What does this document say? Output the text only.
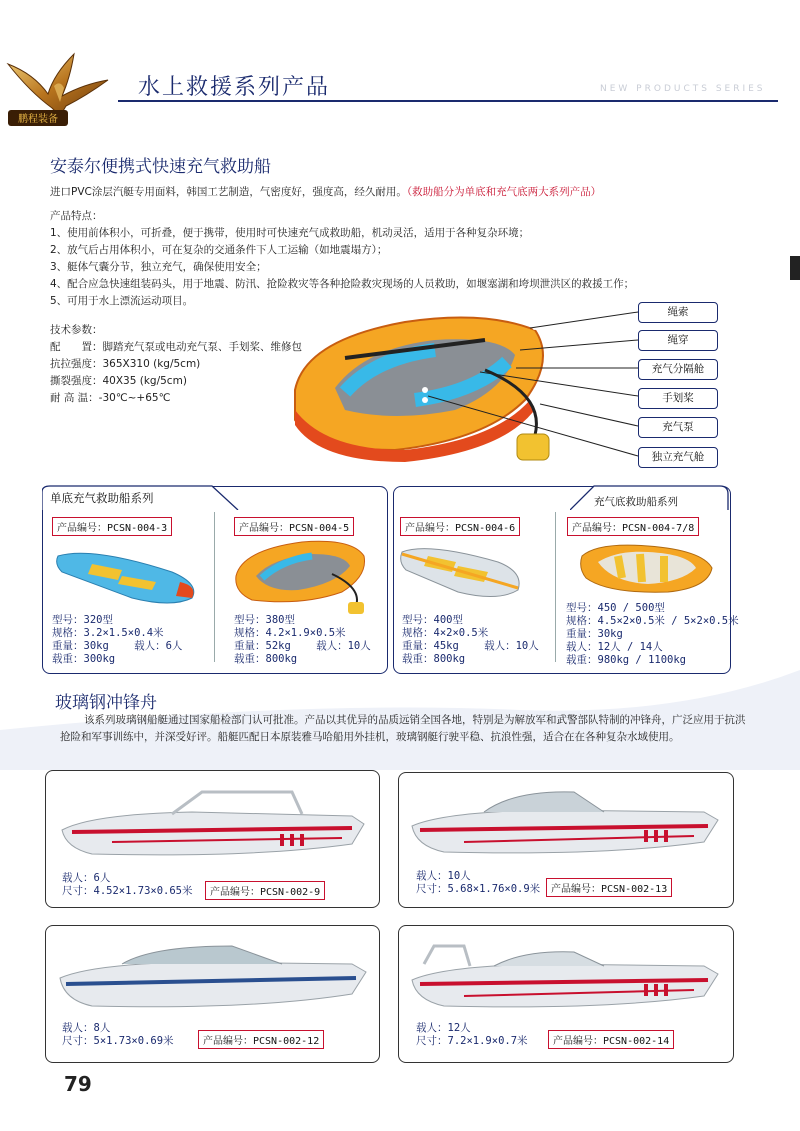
鹏程装备
水上救援系列产品	NEW PRODUCTS SERIES
安泰尔便携式快速充气救助船
进口PVC涂层汽艇专用面料，韩国工艺制造，气密度好，强度高，经久耐用。（救助船分为单底和充气底两大系列产品）
产品特点：
1、使用前体积小，可折叠，便于携带，使用时可快速充气成救助船，机动灵活，适用于各种复杂环境；
2、放气后占用体积小，可在复杂的交通条件下人工运输（如地震塌方）；
3、艇体气囊分节，独立充气，确保使用安全；
4、配合应急快速组装码头，用于地震、防汛、抢险救灾等各种抢险救灾现场的人员救助，如堰塞湖和垮坝泄洪区的救援工作；
5、可用于水上漂流运动项目。
技术参数：
配　　置：脚踏充气泵或电动充气泵、手划桨、维修包
抗拉强度：365X310 (kg/5cm)
撕裂强度：40X35 (kg/5cm)
耐 高 温：-30℃~+65℃
绳索
绳穿
充气分隔舱
手划桨
充气泵
独立充气舱
单底充气救助船系列
产品编号：PCSN-004-3
型号：320型
规格：3.2×1.5×0.4米
重量：30kg 载人：6人
载重：300kg
产品编号：PCSN-004-5
型号：380型
规格：4.2×1.9×0.5米
重量：52kg 载人：10人
载重：800kg
充气底救助船系列
产品编号：PCSN-004-6
型号：400型
规格：4×2×0.5米
重量：45kg 载人：10人
载重：800kg
产品编号：PCSN-004-7/8
型号：450 / 500型
规格：4.5×2×0.5米 / 5×2×0.5米
重量：30kg
载人：12人 / 14人
载重：980kg / 1100kg
玻璃钢冲锋舟
该系列玻璃钢船艇通过国家船检部门认可批准。产品以其优异的品质远销全国各地，特别是为解放军和武警部队特制的冲锋舟，广泛应用于抗洪抢险和军事训练中，并深受好评。船艇匹配日本原装雅马哈船用外挂机，玻璃钢艇行驶平稳、抗浪性强，适合在在各种复杂水域使用。
载人：6人
尺寸：4.52×1.73×0.65米	产品编号：PCSN-002-9
载人：10人
尺寸：5.68×1.76×0.9米	产品编号：PCSN-002-13
载人：8人
尺寸：5×1.73×0.69米	产品编号：PCSN-002-12
载人：12人
尺寸：7.2×1.9×0.7米	产品编号：PCSN-002-14
79
